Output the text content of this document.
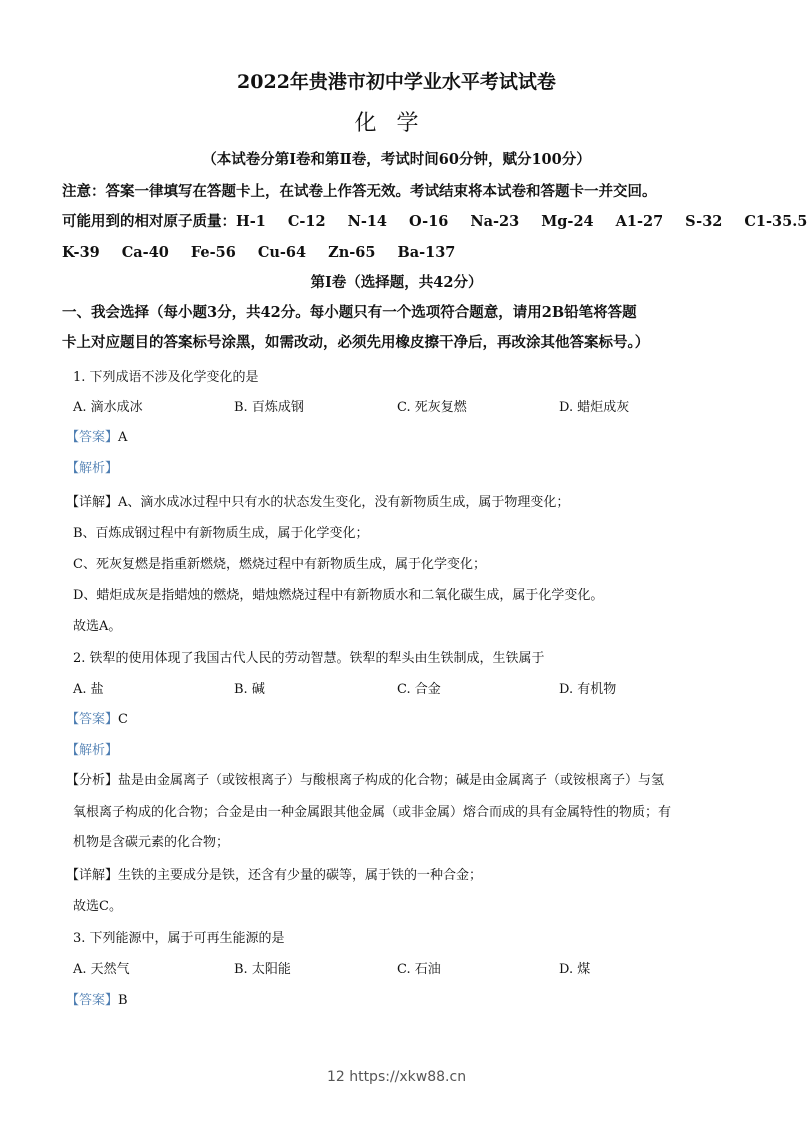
2022年贵港市初中学业水平考试试卷
化学
（本试卷分第Ⅰ卷和第Ⅱ卷，考试时间60分钟，赋分100分）
注意：答案一律填写在答题卡上，在试卷上作答无效。考试结束将本试卷和答题卡一并交回。
可能用到的相对原子质量：H-1 C-12 N-14 O-16 Na-23 Mg-24 A1-27 S-32 C1-35.5
K-39 Ca-40 Fe-56 Cu-64 Zn-65 Ba-137
第Ⅰ卷（选择题，共42分）
一、我会选择（每小题3分，共42分。每小题只有一个选项符合题意，请用2B铅笔将答题
卡上对应题目的答案标号涂黑，如需改动，必须先用橡皮擦干净后，再改涂其他答案标号。）
1. 下列成语不涉及化学变化的是
A. 滴水成冰	B. 百炼成钢	C. 死灰复燃	D. 蜡炬成灰
【答案】A
【解析】
【详解】A、滴水成冰过程中只有水的状态发生变化，没有新物质生成，属于物理变化；
B、百炼成钢过程中有新物质生成，属于化学变化；
C、死灰复燃是指重新燃烧，燃烧过程中有新物质生成，属于化学变化；
D、蜡炬成灰是指蜡烛的燃烧，蜡烛燃烧过程中有新物质水和二氧化碳生成，属于化学变化。
故选A。
2. 铁犁的使用体现了我国古代人民的劳动智慧。铁犁的犁头由生铁制成，生铁属于
A. 盐	B. 碱	C. 合金	D. 有机物
【答案】C
【解析】
【分析】盐是由金属离子（或铵根离子）与酸根离子构成的化合物；碱是由金属离子（或铵根离子）与氢
氧根离子构成的化合物；合金是由一种金属跟其他金属（或非金属）熔合而成的具有金属特性的物质；有
机物是含碳元素的化合物；
【详解】生铁的主要成分是铁，还含有少量的碳等，属于铁的一种合金；
故选C。
3. 下列能源中，属于可再生能源的是
A. 天然气	B. 太阳能	C. 石油	D. 煤
【答案】B
12 https://xkw88.cn
